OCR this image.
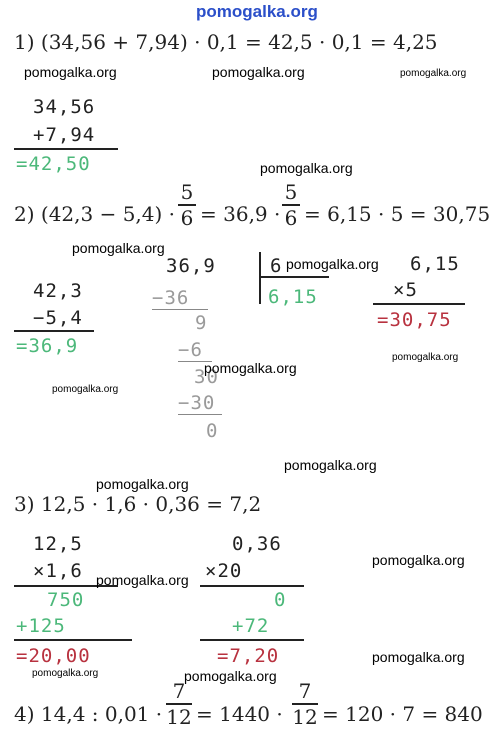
pomogalka.org
1) (34,56 + 7,94) · 0,1 = 42,5 · 0,1 = 4,25
pomogalka.org	pomogalka.org	pomogalka.org
34,56
+7,94
=42,50	pomogalka.org
2) (42,3 − 5,4) ·
5
6 = 36,9 ·
5
6 = 6,15 · 5 = 30,75
pomogalka.org
42,3
−5,4
=36,9
36,9	6
6,15
pomogalka.org
−36
9
−6
30
−30
0
pomogalka.org
pomogalka.org
6,15
×5
=30,75
pomogalka.org
pomogalka.org
pomogalka.org
3) 12,5 · 1,6 · 0,36 = 7,2
12,5
×1,6
750
+125
=20,00
0,36
×20
0
+72
=7,20
pomogalka.org
pomogalka.org
pomogalka.org
pomogalka.org	pomogalka.org
4) 14,4 : 0,01 ·
7
12 = 1440 ·
7
12 = 120 · 7 = 840
